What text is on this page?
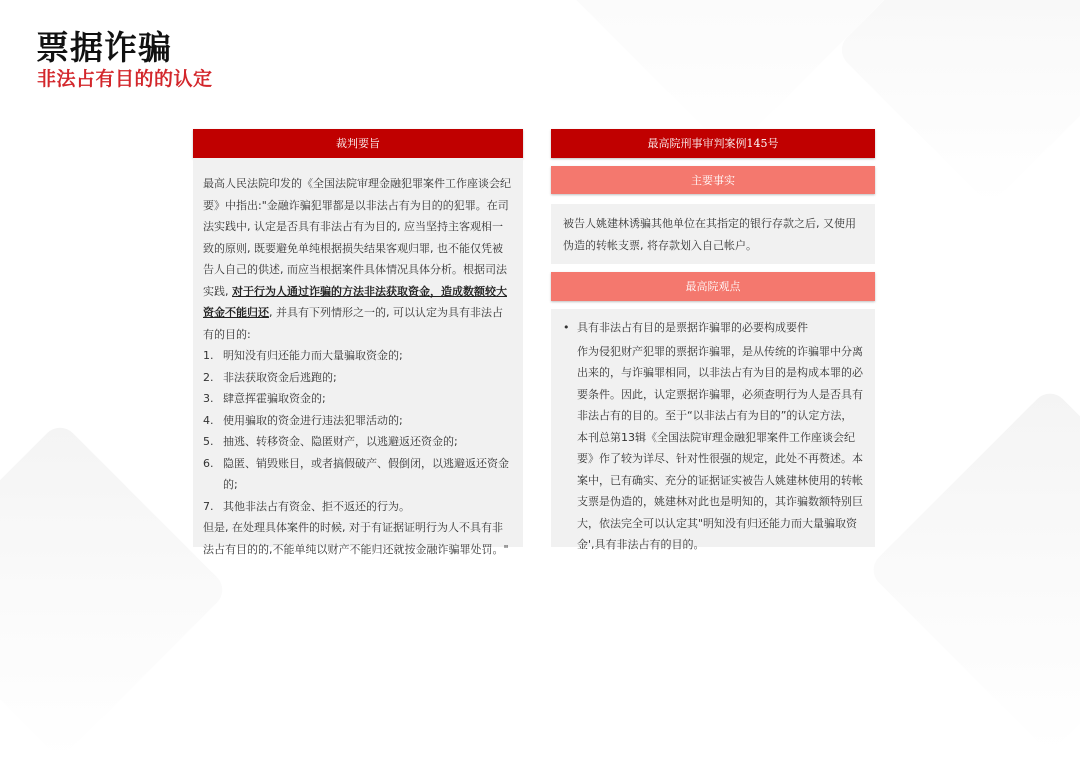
票据诈骗
非法占有目的的认定
裁判要旨
最高人民法院印发的《全国法院审理金融犯罪案件工作座谈会纪要》中指出:"金融诈骗犯罪都是以非法占有为目的的犯罪。在司法实践中, 认定是否具有非法占有为目的, 应当坚持主客观相一致的原则, 既要避免单纯根据损失结果客观归罪, 也不能仅凭被告人自己的供述, 而应当根据案件具体情况具体分析。根据司法实践, 对于行为人通过诈骗的方法非法获取资金，造成数额较大资金不能归还, 并具有下列情形之一的, 可以认定为具有非法占有的目的:
1. 明知没有归还能力而大量骗取资金的;
2. 非法获取资金后逃跑的;
3. 肆意挥霍骗取资金的;
4. 使用骗取的资金进行违法犯罪活动的;
5. 抽逃、转移资金、隐匿财产，以逃避返还资金的;
6. 隐匿、销毁账目，或者搞假破产、假倒闭，以逃避返还资金的;
7. 其他非法占有资金、拒不返还的行为。
但是, 在处理具体案件的时候, 对于有证据证明行为人不具有非法占有目的的,不能单纯以财产不能归还就按金融诈骗罪处罚。"
最高院刑事审判案例145号
主要事实
被告人姚建林诱骗其他单位在其指定的银行存款之后, 又使用伪造的转帐支票, 将存款划入自己帐户。
最高院观点
• 具有非法占有目的是票据诈骗罪的必要构成要件
作为侵犯财产犯罪的票据诈骗罪，是从传统的诈骗罪中分离出来的，与诈骗罪相同，以非法占有为目的是构成本罪的必要条件。因此，认定票据诈骗罪，必须查明行为人是否具有非法占有的目的。至于“以非法占有为目的”的认定方法，本刊总第13辑《全国法院审理金融犯罪案件工作座谈会纪要》作了较为详尽、针对性很强的规定，此处不再赘述。本案中，已有确实、充分的证据证实被告人姚建林使用的转帐支票是伪造的，姚建林对此也是明知的，其诈骗数额特别巨大，依法完全可以认定其"明知没有归还能力而大量骗取资金',具有非法占有的目的。
